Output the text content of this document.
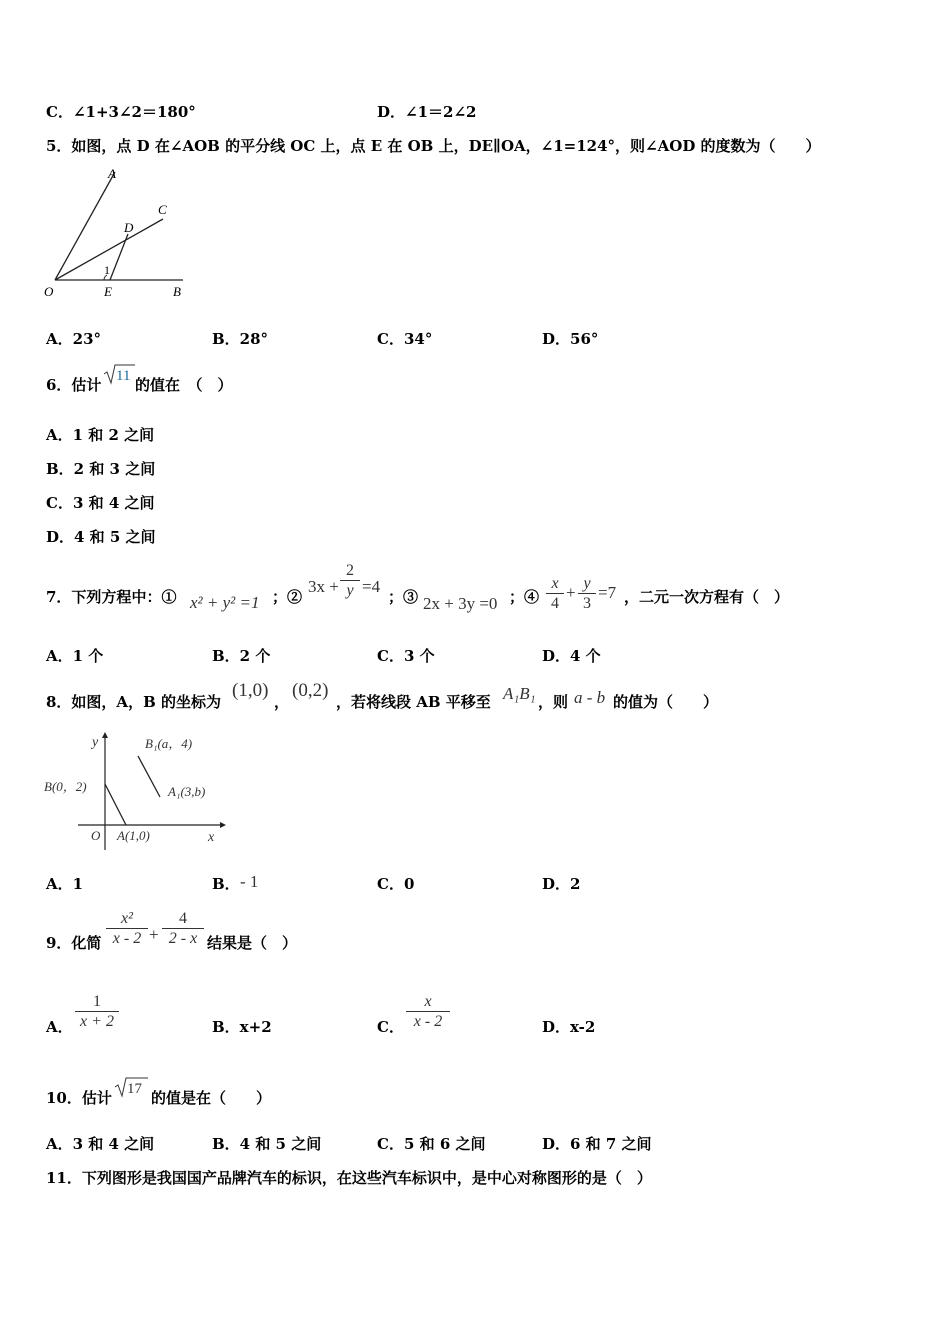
C．∠1+3∠2＝180°	D．∠1＝2∠2
5．如图，点 D 在∠AOB 的平分线 OC 上，点 E 在 OB 上，DE∥OA，∠1=124°，则∠AOD 的度数为（　　）
A
C
D
O	E	B
1
A．23°	B．28°	C．34°	D．56°
6．估计 11 的值在　（　）
A．1 和 2 之间
B．2 和 3 之间
C．3 和 4 之间
D．4 和 5 之间
7．下列方程中：① x² + y² =1 ；②
$3x + \frac{2}{y} =4$
；③ 2x + 3y =0 ；④ $\frac{x}{4} + \frac{y}{3} =7$ ，二元一次方程有（　）
A．1 个	B．2 个	C．3 个	D．4 个
8．如图，A，B 的坐标为
(1,0)
，
(0,2)
，若将线段 AB 平移至 A₁B₁ ，则 a - b 的值为（　　）
y
x
O
B(0，2)
A(1,0)
B₁(a，4)
A₁(3,b)
A．1	B． - 1	C．0	D．2
9．化简 $\frac{\text{x²}}{x - 2} + \frac{4}{2 - x}$ 结果是（　）
A． $\frac{1}{x + 2}$	B．x+2	C． $\frac{x}{x - 2}$	D．x-2
10．估计 17 的值是在（　　）
A．3 和 4 之间	B．4 和 5 之间	C．5 和 6 之间	D．6 和 7 之间
11．下列图形是我国国产品牌汽车的标识，在这些汽车标识中，是中心对称图形的是（　）
